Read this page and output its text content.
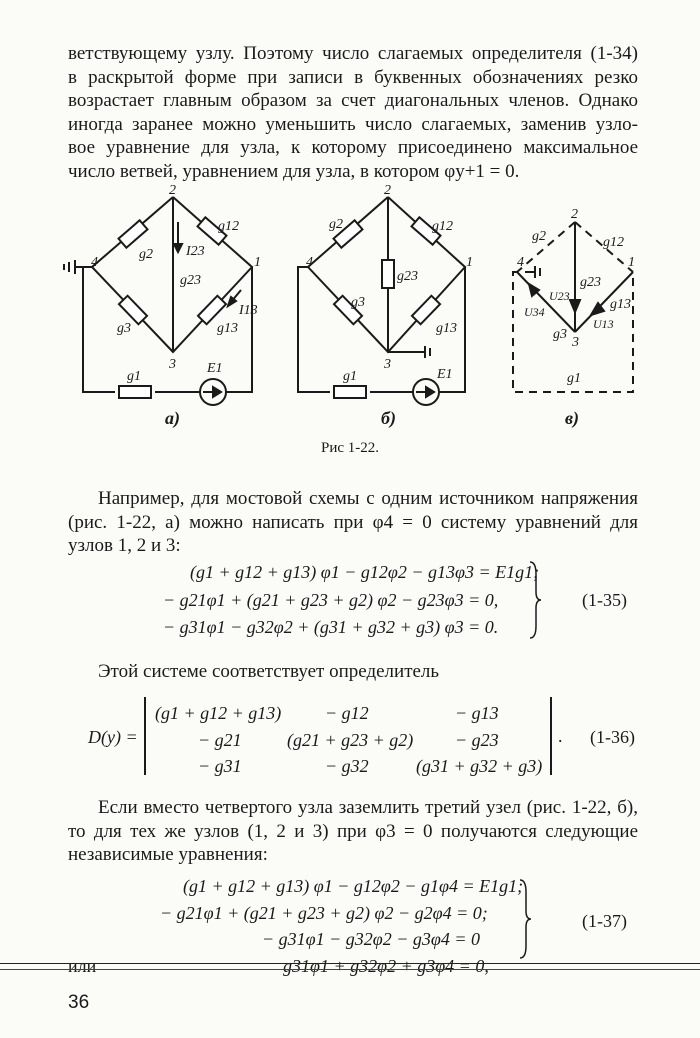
ветствующему узлу. Поэтому число слагаемых определителя (1-34)
в раскрытой форме при записи в буквенных обозначениях резко
возрастает главным образом за счет диагональных членов. Однако
иногда заранее можно уменьшить число слагаемых, заменив узло-
вое уравнение для узла, к которому присоединено максимальное
число ветвей, уравнением для узла, в котором φу+1 = 0.
2
1
3
4
g12
g2
g23
g3	g13
g1
I23
I13
E1
а)
2
1
3
4
g12
g2
g23
g3
g13
g1	E1
б)
2
1
3
4
g2	g12
g23
g13
g3
g1
U23
U34
U13
в)
Рис 1-22.
Например, для мостовой схемы с одним источником напряжения
(рис. 1-22, а) можно написать при φ4 = 0 систему уравнений для
узлов 1, 2 и 3:
(g1 + g12 + g13) φ1 − g12φ2 − g13φ3 = E1g1;
− g21φ1 + (g21 + g23 + g2) φ2 − g23φ3 = 0,
− g31φ1 − g32φ2 + (g31 + g32 + g3) φ3 = 0.
(1-35)
Этой системе соответствует определитель
D(у) =
(g1 + g12 + g13) − g12	− g13
− g21	(g21 + g23 + g2) − g23
− g31	− g32	(g31 + g32 + g3)
. (1-36)
Если вместо четвертого узла заземлить третий узел (рис. 1-22, б),
то для тех же узлов (1, 2 и 3) при φ3 = 0 получаются следующие
независимые уравнения:
(g1 + g12 + g13) φ1 − g12φ2 − g1φ4 = E1g1;
− g21φ1 + (g21 + g23 + g2) φ2 − g2φ4 = 0;
− g31φ1 − g32φ2 − g3φ4 = 0
(1-37)
или	g31φ1 + g32φ2 + g3φ4 = 0,
36
